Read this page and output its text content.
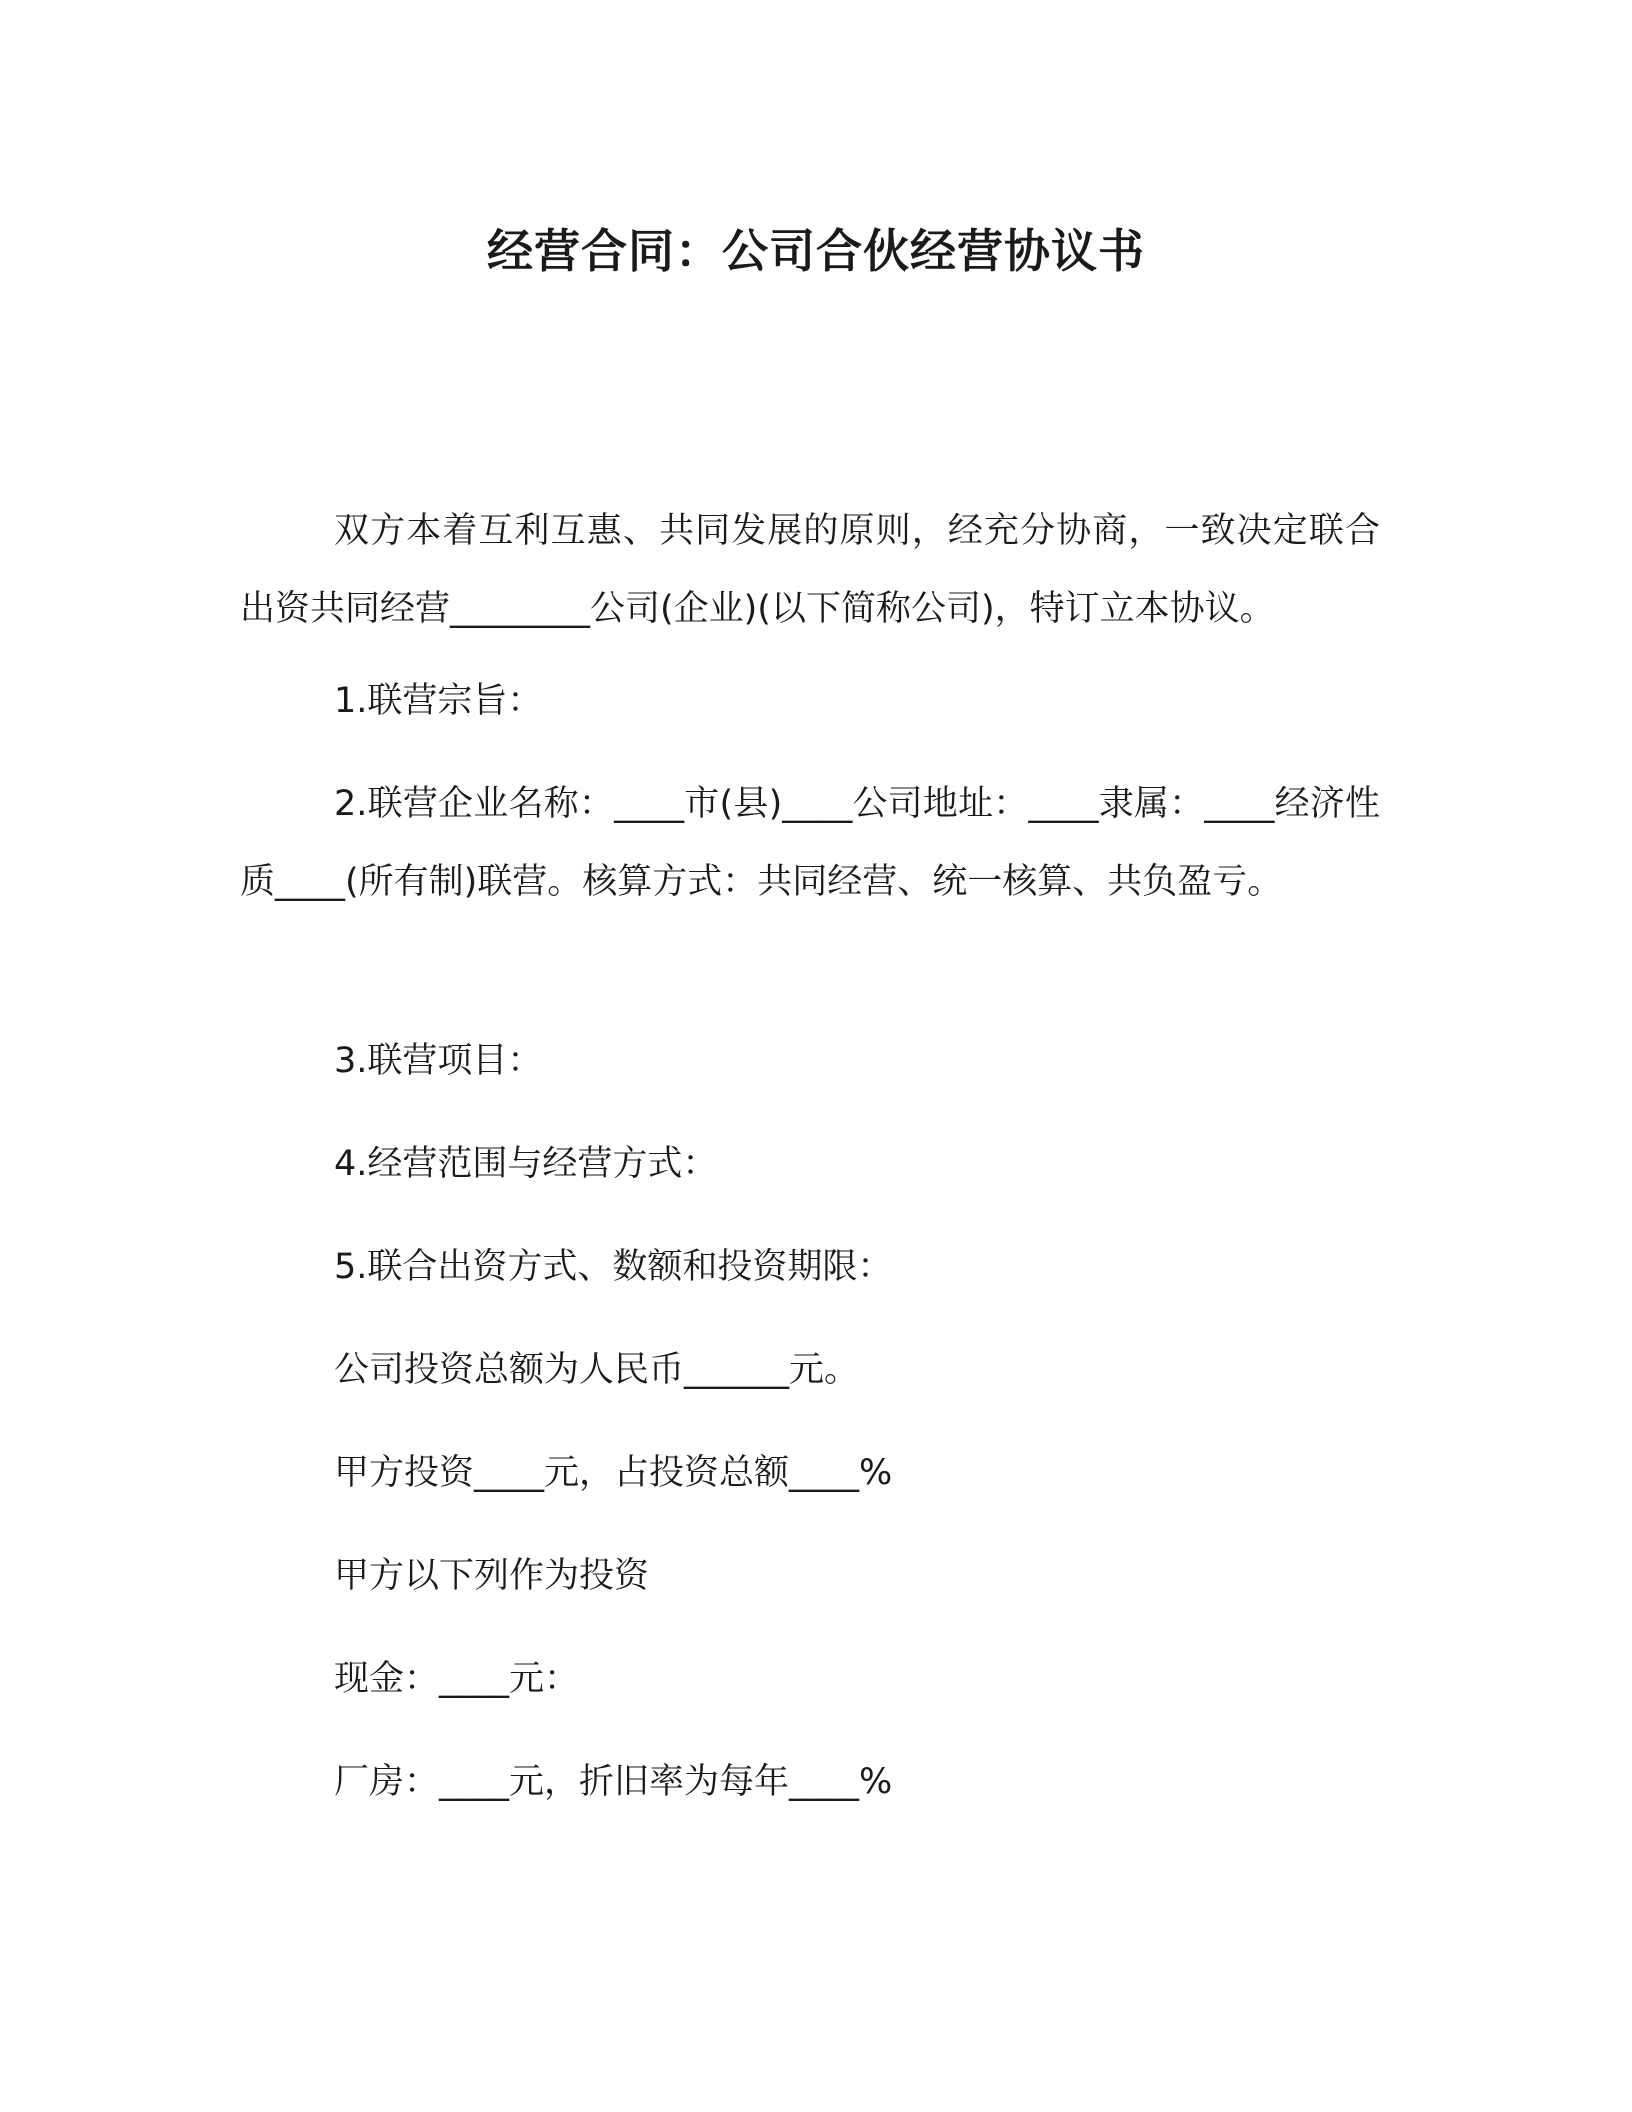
经营合同：公司合伙经营协议书

双方本着互利互惠、共同发展的原则，经充分协商，一致决定联合出资共同经营________公司(企业)(以下简称公司)，特订立本协议。

1.联营宗旨：

2.联营企业名称：____市(县)____公司地址：____隶属：____经济性质____(所有制)联营。核算方式：共同经营、统一核算、共负盈亏。

3.联营项目：

4.经营范围与经营方式：

5.联合出资方式、数额和投资期限：

公司投资总额为人民币______元。

甲方投资____元，占投资总额____%

甲方以下列作为投资

现金：____元：

厂房：____元，折旧率为每年____%
